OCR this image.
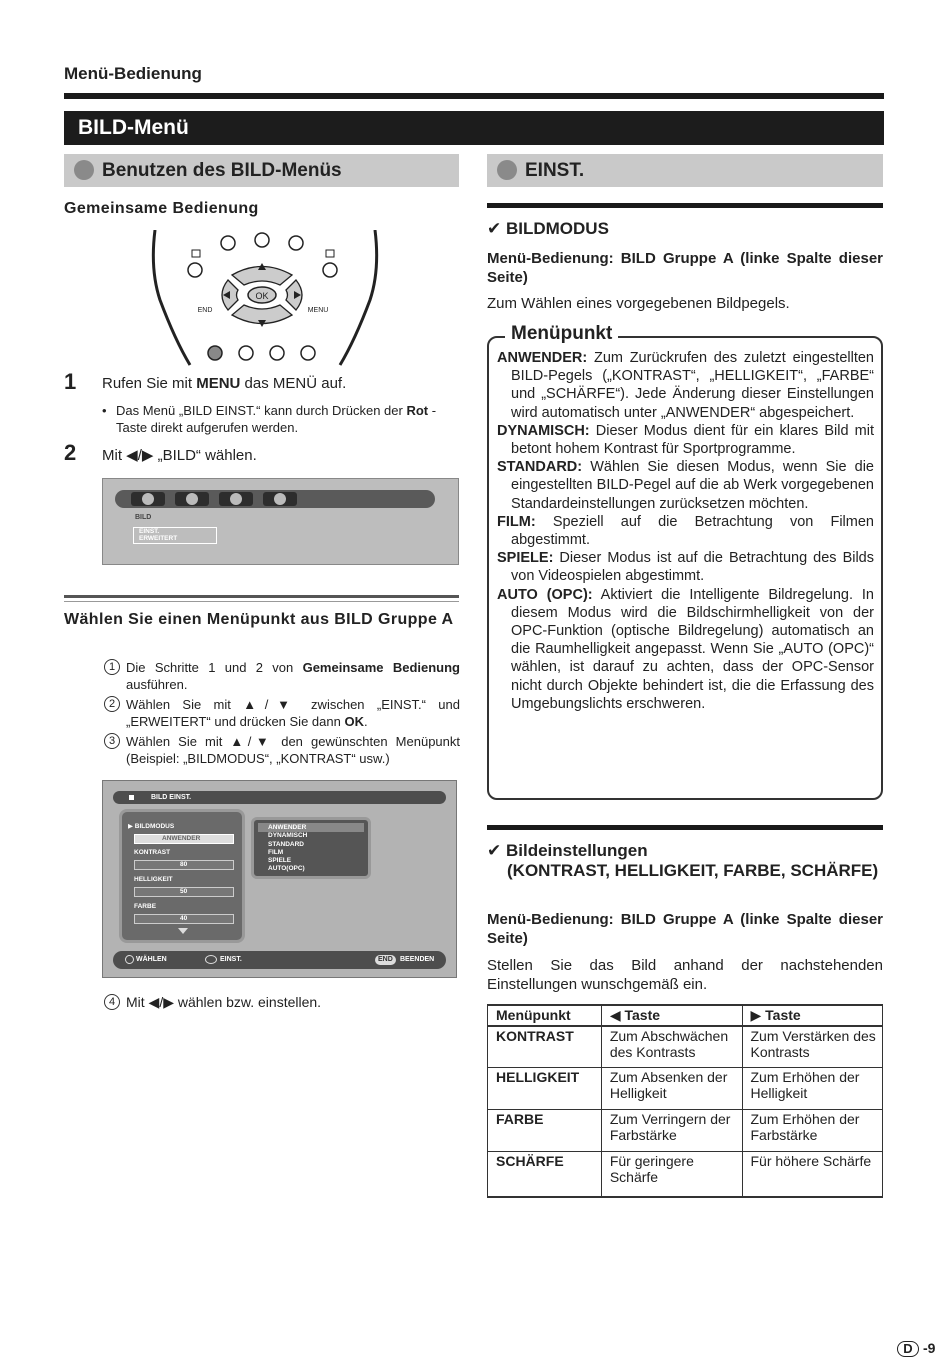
Menü-Bedienung
BILD-Menü
Benutzen des BILD-Menüs
Gemeinsame Bedienung
OK
END	MENU
1 Rufen Sie mit MENU das MENÜ auf.
• Das Menü „BILD EINST.“ kann durch Drücken der Rot -Taste direkt aufgerufen werden.
2 Mit ◀/▶ „BILD“ wählen.
BILD
EINST.
ERWEITERT
Wählen Sie einen Menüpunkt aus BILD Gruppe A
1 Die Schritte 1 und 2 von Gemeinsame Bedienung ausführen.
2 Wählen Sie mit ▲/▼ zwischen „EINST.“ und „ERWEITERT“ und drücken Sie dann OK.
3 Wählen Sie mit ▲/▼ den gewünschten Menüpunkt (Beispiel: „BILDMODUS“, „KONTRAST“ usw.)
BILD EINST.
▶ BILDMODUS
ANWENDER
KONTRAST
80
HELLIGKEIT
50
FARBE
40
ANWENDER
DYNAMISCH
STANDARD
FILM
SPIELE
AUTO(OPC)
WÄHLEN	EINST.	END	BEENDEN
4 Mit ◀/▶ wählen bzw. einstellen.
EINST.
✔ BILDMODUS
Menü-Bedienung: BILD Gruppe A (linke Spalte dieser Seite)
Zum Wählen eines vorgegebenen Bildpegels.
Menüpunkt
ANWENDER: Zum Zurückrufen des zuletzt eingestellten BILD-Pegels („KONTRAST“, „HELLIGKEIT“, „FARBE“ und „SCHÄRFE“). Jede Änderung dieser Einstellungen wird automatisch unter „ANWENDER“ abgespeichert.
DYNAMISCH: Dieser Modus dient für ein klares Bild mit betont hohem Kontrast für Sportprogramme.
STANDARD: Wählen Sie diesen Modus, wenn Sie die eingestellten BILD-Pegel auf die ab Werk vorgegebenen Standardeinstellungen zurücksetzen möchten.
FILM: Speziell auf die Betrachtung von Filmen abgestimmt.
SPIELE: Dieser Modus ist auf die Betrachtung des Bilds von Videospielen abgestimmt.
AUTO (OPC): Aktiviert die Intelligente Bildregelung. In diesem Modus wird die Bildschirmhelligkeit von der OPC-Funktion (optische Bildregelung) automatisch an die Raumhelligkeit angepasst. Wenn Sie „AUTO (OPC)“ wählen, ist darauf zu achten, dass der OPC-Sensor nicht durch Objekte behindert ist, die die Erfassung des Umgebungslichts erschweren.
✔ Bildeinstellungen
(KONTRAST, HELLIGKEIT, FARBE, SCHÄRFE)
Menü-Bedienung: BILD Gruppe A (linke Spalte dieser Seite)
Stellen Sie das Bild anhand der nachstehenden Einstellungen wunschgemäß ein.
Menüpunkt	◀ Taste	▶ Taste
KONTRAST	Zum Abschwächen des Kontrasts	Zum Verstärken des Kontrasts
HELLIGKEIT	Zum Absenken der Helligkeit	Zum Erhöhen der Helligkeit
FARBE	Zum Verringern der Farbstärke	Zum Erhöhen der Farbstärke
SCHÄRFE	Für geringere Schärfe	Für höhere Schärfe
D -9
